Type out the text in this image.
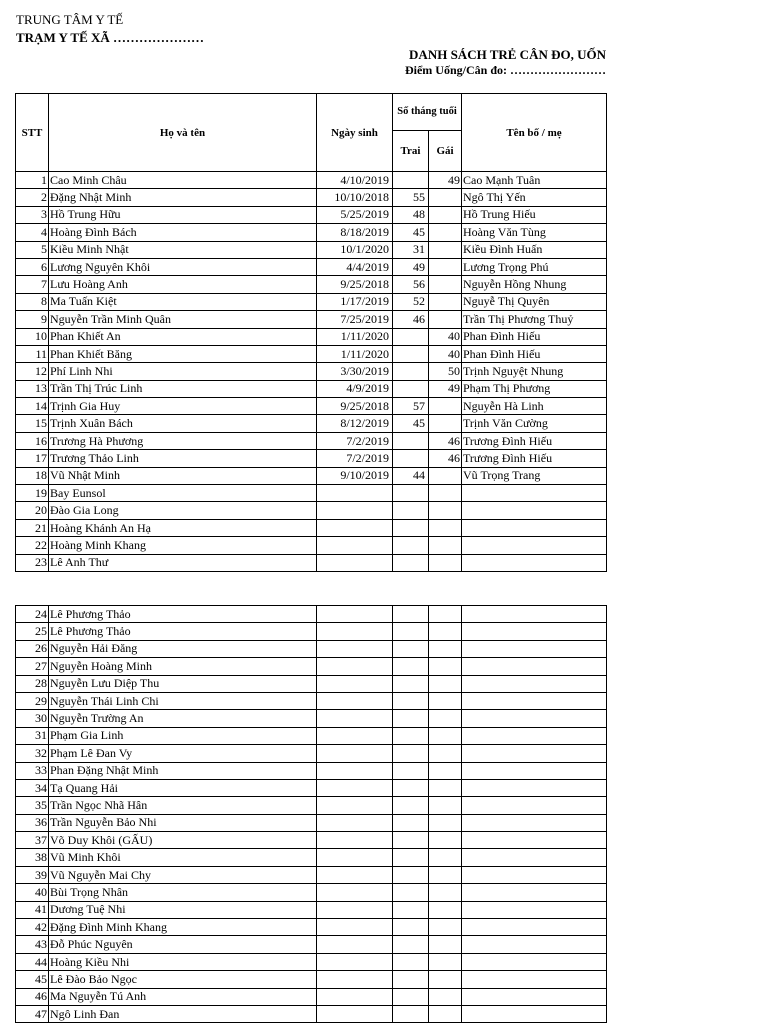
TRUNG TÂM Y TẾ
TRẠM Y TẾ XÃ …………………
DANH SÁCH TRẺ CÂN ĐO, UỐN
Điểm Uống/Cân đo: ……………………
STT	Họ và tên	Ngày sinh	Số tháng tuổi		Tên bố / mẹ
			Trai	Gái	
1	Cao Minh Châu	4/10/2019		49	Cao Mạnh Tuân
2	Đặng Nhật Minh	10/10/2018	55		Ngô Thị Yến
3	Hồ Trung Hữu	5/25/2019	48		Hồ Trung Hiếu
4	Hoàng Đình Bách	8/18/2019	45		Hoàng Văn Tùng
5	Kiều Minh Nhật	10/1/2020	31		Kiều Đình Huấn
6	Lương Nguyên Khôi	4/4/2019	49		Lương Trọng Phú
7	Lưu Hoàng Anh	9/25/2018	56		Nguyễn Hồng Nhung
8	Ma Tuấn Kiệt	1/17/2019	52		Nguyễ Thị Quyên
9	Nguyễn Trần Minh Quân	7/25/2019	46		Trần Thị Phương Thuỷ
10	Phan Khiết An	1/11/2020		40	Phan Đình Hiếu
11	Phan Khiết Băng	1/11/2020		40	Phan Đình Hiếu
12	Phí Linh Nhi	3/30/2019		50	Trịnh Nguyệt Nhung
13	Trần Thị Trúc Linh	4/9/2019		49	Phạm Thị Phương
14	Trịnh Gia Huy	9/25/2018	57		Nguyễn Hà Linh
15	Trịnh Xuân Bách	8/12/2019	45		Trịnh Văn Cường
16	Trương Hà Phương	7/2/2019		46	Trương Đình Hiếu
17	Trương Thảo Linh	7/2/2019		46	Trương Đình Hiếu
18	Vũ Nhật Minh	9/10/2019	44		Vũ Trọng Trang
19	Bay Eunsol				
20	Đào Gia Long				
21	Hoàng Khánh An Hạ				
22	Hoàng Minh Khang				
23	Lê Anh Thư				
24	Lê Phương Thảo				
25	Lê Phương Thảo				
26	Nguyễn Hải Đăng				
27	Nguyễn Hoàng Minh				
28	Nguyễn Lưu Diệp Thu				
29	Nguyễn Thái Linh Chi				
30	Nguyễn Trường An				
31	Phạm Gia Linh				
32	Phạm Lê Đan Vy				
33	Phan Đặng Nhật Minh				
34	Tạ Quang Hải				
35	Trần Ngọc Nhã Hân				
36	Trần Nguyễn Bảo Nhi				
37	Võ Duy Khôi (GẤU)				
38	Vũ Minh Khôi				
39	Vũ Nguyễn Mai Chy				
40	Bùi Trọng Nhân				
41	Dương Tuệ Nhi				
42	Đặng Đình Minh Khang				
43	Đỗ Phúc Nguyên				
44	Hoàng Kiều Nhi				
45	Lê Đào Bảo Ngọc				
46	Ma Nguyễn Tú Anh				
47	Ngô Linh Đan				
